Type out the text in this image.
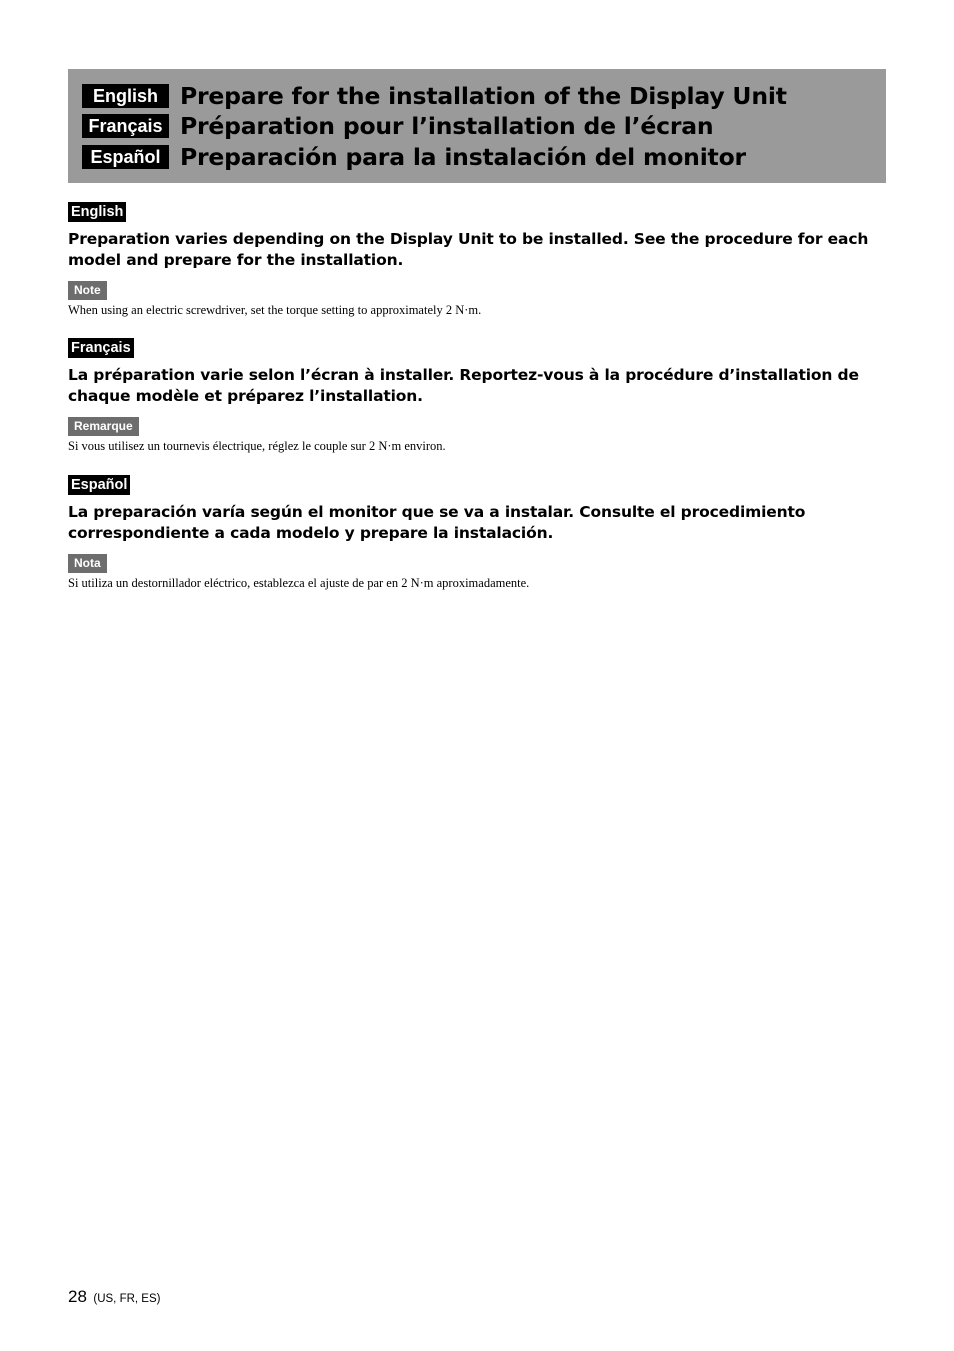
English Prepare for the installation of the Display Unit
Français Préparation pour l’installation de l’écran
Español Preparación para la instalación del monitor
English
Preparation varies depending on the Display Unit to be installed. See the procedure for each model and prepare for the installation.
Note
When using an electric screwdriver, set the torque setting to approximately 2 N·m.
Français
La préparation varie selon l’écran à installer. Reportez-vous à la procédure d’installation de chaque modèle et préparez l’installation.
Remarque
Si vous utilisez un tournevis électrique, réglez le couple sur 2 N·m environ.
Español
La preparación varía según el monitor que se va a instalar. Consulte el procedimiento correspondiente a cada modelo y prepare la instalación.
Nota
Si utiliza un destornillador eléctrico, establezca el ajuste de par en 2 N·m aproximadamente.
28 (US, FR, ES)
